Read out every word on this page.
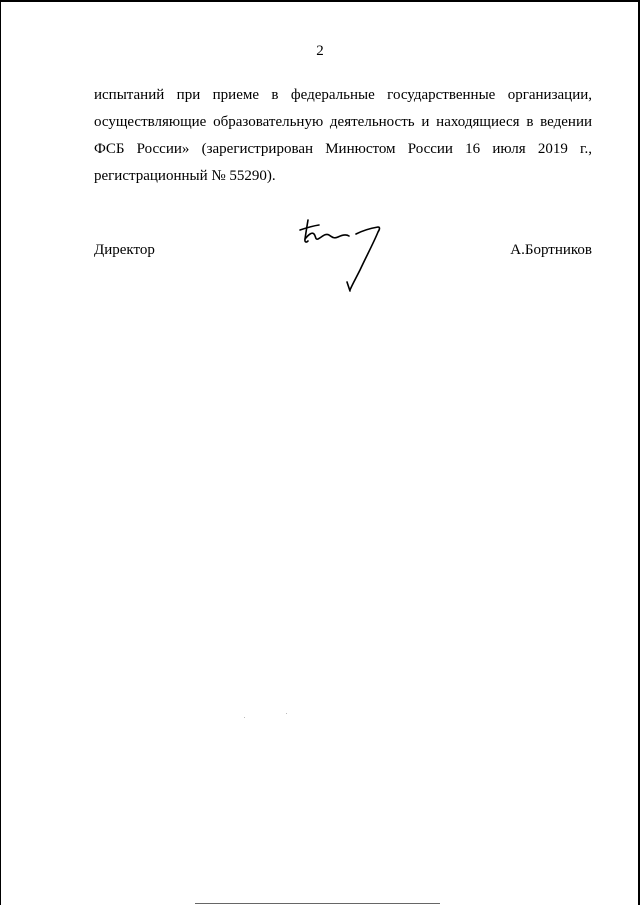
2
испытаний при приеме в федеральные государственные организации,
осуществляющие образовательную деятельность и находящиеся в ведении
ФСБ России» (зарегистрирован Минюстом России 16 июля 2019 г.,
регистрационный № 55290).
Директор	А.Бортников
